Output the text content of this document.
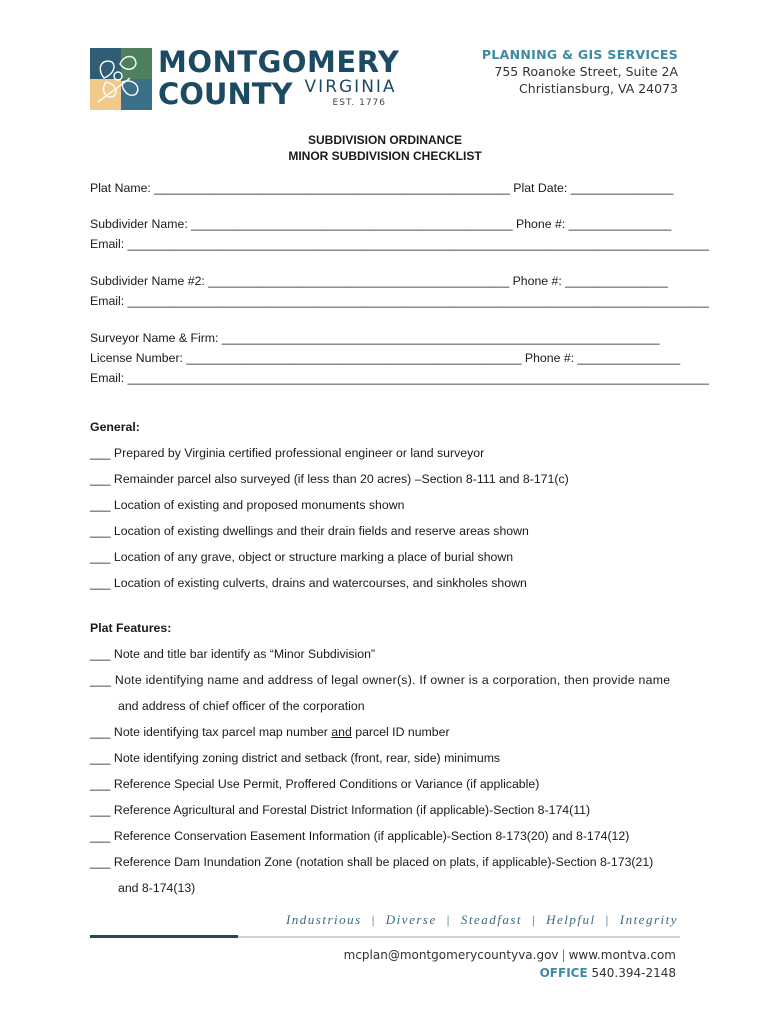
MONTGOMERY
COUNTY VIRGINIA
EST. 1776
PLANNING & GIS SERVICES
755 Roanoke Street, Suite 2A
Christiansburg, VA 24073
SUBDIVISION ORDINANCE
MINOR SUBDIVISION CHECKLIST
Plat Name: ____________________________________________________ Plat Date: _______________
Subdivider Name: _______________________________________________ Phone #: _______________
Email: _____________________________________________________________________________________
Subdivider Name #2: ____________________________________________ Phone #: _______________
Email: _____________________________________________________________________________________
Surveyor Name & Firm: ________________________________________________________________
License Number: _________________________________________________ Phone #: _______________
Email: _____________________________________________________________________________________
General:
___ Prepared by Virginia certified professional engineer or land surveyor
___ Remainder parcel also surveyed (if less than 20 acres) –Section 8-111 and 8-171(c)
___ Location of existing and proposed monuments shown
___ Location of existing dwellings and their drain fields and reserve areas shown
___ Location of any grave, object or structure marking a place of burial shown
___ Location of existing culverts, drains and watercourses, and sinkholes shown
Plat Features:
___ Note and title bar identify as “Minor Subdivision”
___ Note identifying name and address of legal owner(s). If owner is a corporation, then provide name
and address of chief officer of the corporation
___ Note identifying tax parcel map number and parcel ID number
___ Note identifying zoning district and setback (front, rear, side) minimums
___ Reference Special Use Permit, Proffered Conditions or Variance (if applicable)
___ Reference Agricultural and Forestal District Information (if applicable)-Section 8-174(11)
___ Reference Conservation Easement Information (if applicable)-Section 8-173(20) and 8-174(12)
___ Reference Dam Inundation Zone (notation shall be placed on plats, if applicable)-Section 8-173(21)
and 8-174(13)
Industrious | Diverse | Steadfast | Helpful | Integrity
mcplan@montgomerycountyva.gov | www.montva.com
OFFICE 540.394-2148
